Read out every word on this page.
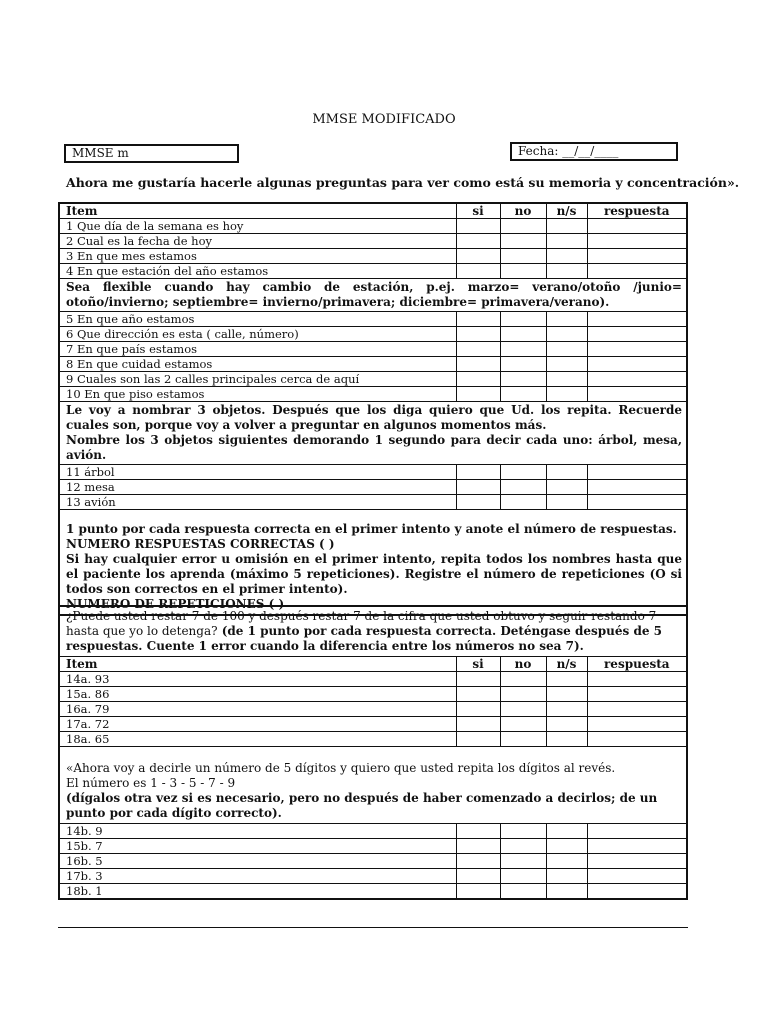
MMSE MODIFICADO
MMSE m	Fecha: __/__/____
Ahora me gustaría hacerle algunas preguntas para ver como está su memoria y concentración».
Item	si	no	n/s	respuesta
1 Que día de la semana es hoy				
2 Cual es la fecha de hoy				
3 En que mes estamos				
4 En que estación del año estamos				
Sea flexible cuando hay cambio de estación, p.ej. marzo= verano/otoño /junio= otoño/invierno; septiembre= invierno/primavera; diciembre= primavera/verano).				
5 En que año estamos				
6 Que dirección es esta ( calle, número)				
7 En que país estamos				
8 En que cuidad estamos				
9 Cuales son las 2 calles principales cerca de aquí				
10 En que piso estamos				

Le voy a nombrar 3 objetos. Después que los diga quiero que Ud. los repita. Recuerde cuales son, porque voy a volver a preguntar en algunos momentos más.
Nombre los 3 objetos siguientes demorando 1 segundo para decir cada uno: árbol, mesa, avión.				

11 árbol				
12 mesa				
13 avión				

1 punto por cada respuesta correcta en el primer intento y anote el número de respuestas.
NUMERO RESPUESTAS CORRECTAS ( )
Si hay cualquier error u omisión en el primer intento, repita todos los nombres hasta que el paciente los aprenda (máximo 5 repeticiones). Registre el número de repeticiones (O si todos son correctos en el primer intento).
NUMERO DE REPETICIONES ( )				
¿Puede usted restar 7 de 100 y después restar 7 de la cifra que usted obtuvo y seguir restando 7 hasta que yo lo detenga? (de 1 punto por cada respuesta correcta. Deténgase después de 5 respuestas. Cuente 1 error cuando la diferencia entre los números no sea 7).				
Item	si	no	n/s	respuesta
14a. 93				
15a. 86				
16a. 79				
17a. 72				
18a. 65				

«Ahora voy a decirle un número de 5 dígitos y quiero que usted repita los dígitos al revés.
El número es 1 - 3 - 5 - 7 - 9
(dígalos otra vez si es necesario, pero no después de haber comenzado a decirlos; de un punto por cada dígito correcto).				

14b. 9				
15b. 7				
16b. 5				
17b. 3				
18b. 1				
